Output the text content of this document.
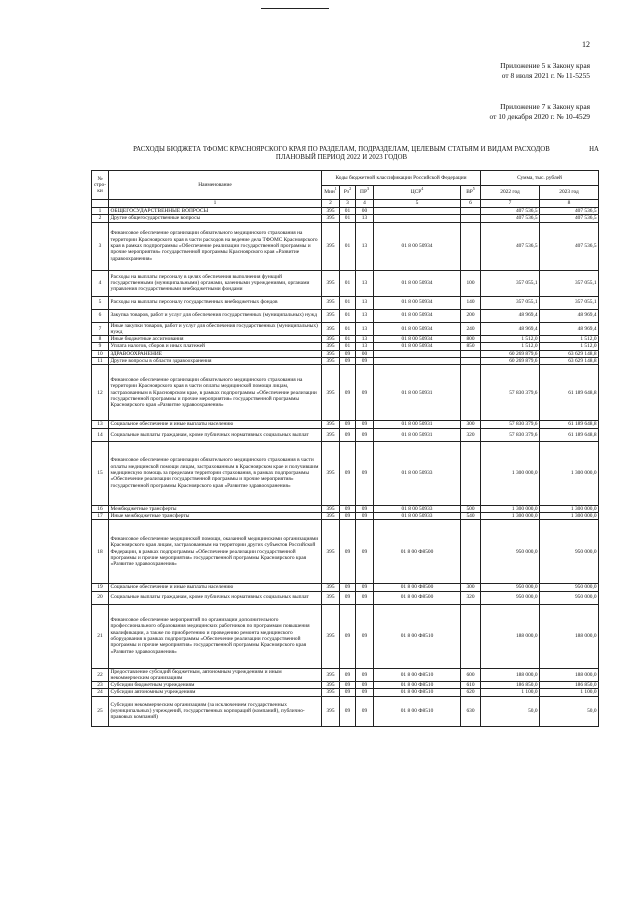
12
Приложение 5 к Закону края
от 8 июля 2021 г. № 11-5255
Приложение 7 к Закону края
от 10 декабря 2020 г. № 10-4529
РАСХОДЫ БЮДЖЕТА ТФОМС КРАСНОЯРСКОГО КРАЯ ПО РАЗДЕЛАМ, ПОДРАЗДЕЛАМ, ЦЕЛЕВЫМ СТАТЬЯМ И ВИДАМ РАСХОДОВ	НА
ПЛАНОВЫЙ ПЕРИОД 2022 И 2023 ГОДОВ
№ стро-ки	Наименование	Коды бюджетной классификации Российской Федерации					Сумма, тыс. рублей	
		Мин$^1$	$Рз^2$	$ПР^3$	ЦСР$^4$	$ВР^5$	2022 год	2023 год
	1	2	3	4	5	6	7	8
1	ОБЩЕГОСУДАРСТВЕННЫЕ ВОПРОСЫ	395	01	00			407 536,5	407 536,5
2	Другие общегосударственные вопросы	395	01	13			407 536,5	407 536,5
3	Финансовое обеспечение организации обязательного медицинского страхования на территории Красноярского края в части расходов на ведение дела ТФОМС Красноярского края в рамках подпрограммы «Обеспечение реализации государственной программы и прочие мероприятия» государственной программы Красноярского края «Развитие здравоохранения»	395	01	13	01 8 00 50934		407 536,5	407 536,5
4	Расходы на выплаты персоналу в целях обеспечения выполнения функций государственными (муниципальными) органами, казенными учреждениями, органами управления государственными внебюджетными фондами	395	01	13	01 8 00 50934	100	357 055,1	357 055,1
5	Расходы на выплаты персоналу государственных внебюджетных фондов	395	01	13	01 8 00 50934	140	357 055,1	357 055,1
6	Закупка товаров, работ и услуг для обеспечения государственных (муниципальных) нужд	395	01	13	01 8 00 50934	200	48 969,4	48 969,4
7	Иные закупки товаров, работ и услуг для обеспечения государственных (муниципальных) нужд	395	01	13	01 8 00 50934	240	48 969,4	48 969,4
8	Иные бюджетные ассигнования	395	01	13	01 8 00 50934	800	1 512,0	1 512,0
9	Уплата налогов, сборов и иных платежей	395	01	13	01 8 00 50934	850	1 512,0	1 512,0
10	ЗДРАВООХРАНЕНИЕ	395	09	00			60 269 879,6	63 629 148,8
11	Другие вопросы в области здравоохранения	395	09	09			60 269 879,6	63 629 148,8
12	Финансовое обеспечение организации обязательного медицинского страхования на территории Красноярского края в части оплаты медицинской помощи лицам, застрахованным в Красноярском крае, в рамках подпрограммы «Обеспечение реализации государственной программы и прочие мероприятия» государственной программы Красноярского края «Развитие здравоохранения»	395	09	09	01 8 00 50931		57 830 379,6	61 189 648,8
13	Социальное обеспечение и иные выплаты населению	395	09	09	01 8 00 50931	300	57 830 379,6	61 189 648,8
14	Социальные выплаты гражданам, кроме публичных нормативных социальных выплат	395	09	09	01 8 00 50931	320	57 830 379,6	61 189 648,8
15	Финансовое обеспечение организации обязательного медицинского страхования в части оплаты медицинской помощи лицам, застрахованным в Красноярском крае и получившим медицинскую помощь за пределами территории страхования, в рамках подпрограммы «Обеспечение реализации государственной программы и прочие мероприятия» государственной программы Красноярского края «Развитие здравоохранения»	395	09	09	01 8 00 50933		1 300 000,0	1 300 000,0
16	Межбюджетные трансферты	395	09	09	01 8 00 50933	500	1 300 000,0	1 300 000,0
17	Иные межбюджетные трансферты	395	09	09	01 8 00 50933	540	1 300 000,0	1 300 000,0
18	Финансовое обеспечение медицинской помощи, оказанной медицинскими организациями Красноярского края лицам, застрахованным на территории других субъектов Российской Федерации, в рамках подпрограммы «Обеспечение реализации государственной программы и прочие мероприятия» государственной программы Красноярского края «Развитие здравоохранения»	395	09	09	01 8 00 Ф8500		950 000,0	950 000,0
19	Социальное обеспечение и иные выплаты населению	395	09	09	01 8 00 Ф8500	300	950 000,0	950 000,0
20	Социальные выплаты гражданам, кроме публичных нормативных социальных выплат	395	09	09	01 8 00 Ф8500	320	950 000,0	950 000,0
21	Финансовое обеспечение мероприятий по организации дополнительного профессионального образования медицинских работников по программам повышения квалификации, а также по приобретению и проведению ремонта медицинского оборудования в рамках подпрограммы «Обеспечение реализации государственной программы и прочие мероприятия» государственной программы Красноярского края «Развитие здравоохранения»	395	09	09	01 8 00 Ф8510		188 000,0	188 000,0
22	Предоставление субсидий бюджетным, автономным учреждениям и иным некоммерческим организациям	395	09	09	01 8 00 Ф8510	600	188 000,0	188 000,0
23	Субсидии бюджетным учреждениям	395	09	09	01 8 00 Ф8510	610	186 850,0	186 850,0
24	Субсидии автономным учреждениям	395	09	09	01 8 00 Ф8510	620	1 100,0	1 100,0
25	Субсидии некоммерческим организациям (за исключением государственных (муниципальных) учреждений, государственных корпораций (компаний), публично-правовых компаний)	395	09	09	01 8 00 Ф8510	630	50,0	50,0
